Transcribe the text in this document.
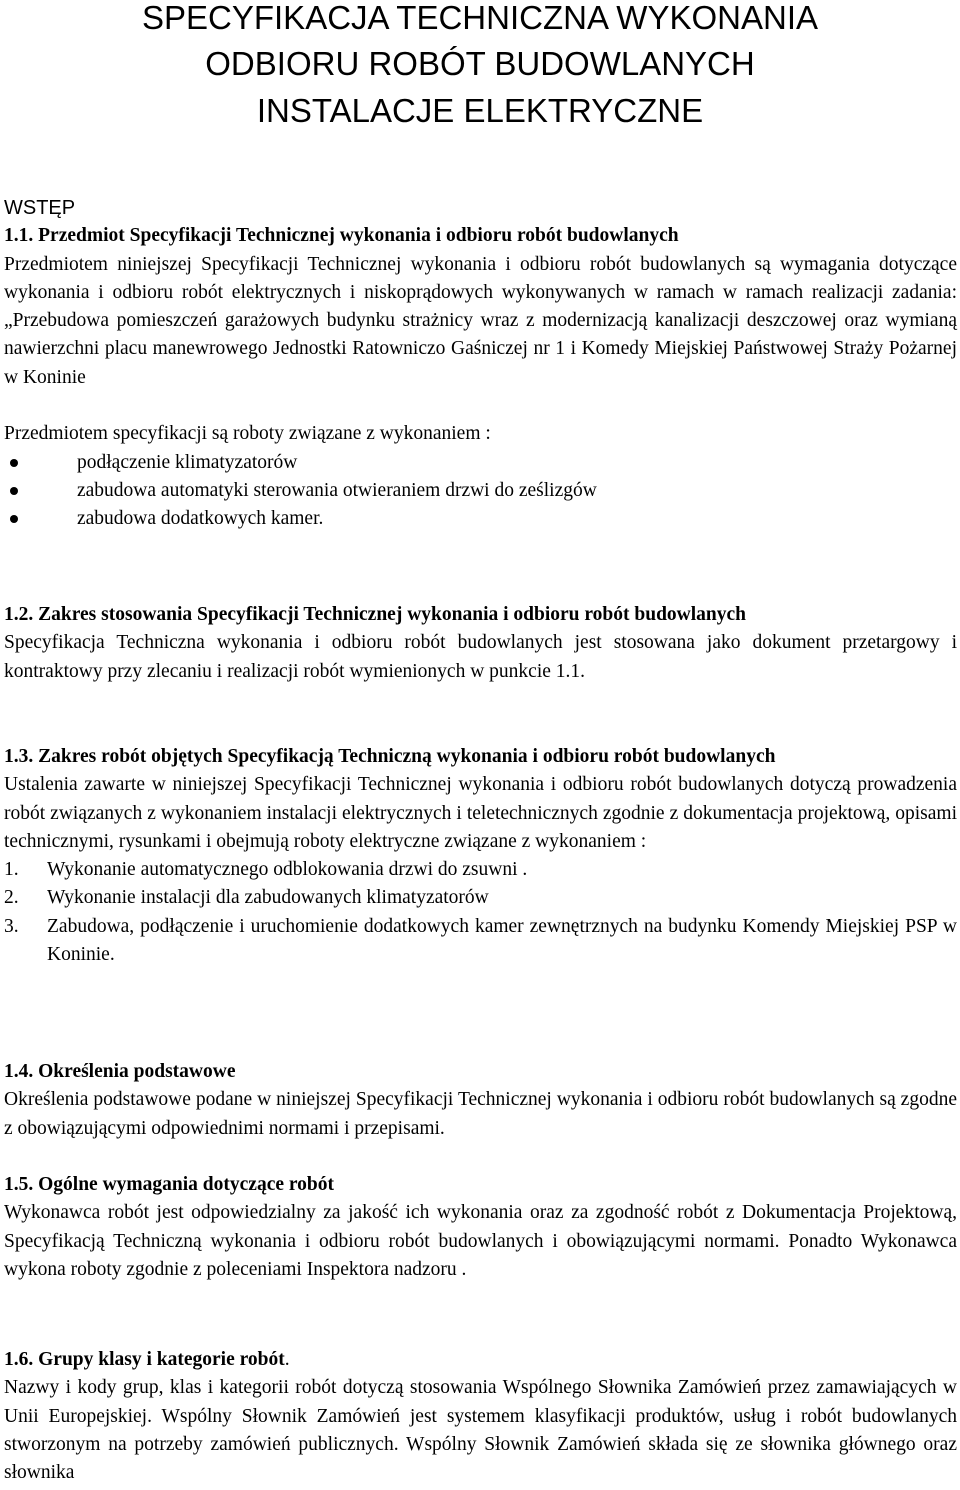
SPECYFIKACJA TECHNICZNA WYKONANIA
ODBIORU ROBÓT BUDOWLANYCH
INSTALACJE ELEKTRYCZNE
WSTĘP
1.1. Przedmiot Specyfikacji Technicznej wykonania i odbioru robót budowlanych
Przedmiotem niniejszej Specyfikacji Technicznej wykonania i odbioru robót budowlanych są wymagania dotyczące wykonania i odbioru robót elektrycznych i niskoprądowych wykonywanych w ramach w ramach realizacji zadania: „Przebudowa pomieszczeń garażowych budynku strażnicy wraz z modernizacją kanalizacji deszczowej oraz wymianą nawierzchni placu manewrowego Jednostki Ratowniczo Gaśniczej nr 1 i Komedy Miejskiej Państwowej Straży Pożarnej w Koninie
Przedmiotem specyfikacji są roboty związane z wykonaniem :
podłączenie klimatyzatorów
zabudowa automatyki sterowania otwieraniem drzwi do ześlizgów
zabudowa dodatkowych kamer.
1.2. Zakres stosowania Specyfikacji Technicznej wykonania i odbioru robót budowlanych
Specyfikacja Techniczna wykonania i odbioru robót budowlanych jest stosowana jako dokument przetargowy i kontraktowy przy zlecaniu i realizacji robót wymienionych w punkcie 1.1.
1.3. Zakres robót objętych Specyfikacją Techniczną wykonania i odbioru robót budowlanych
Ustalenia zawarte w niniejszej Specyfikacji Technicznej wykonania i odbioru robót budowlanych dotyczą prowadzenia robót związanych z wykonaniem instalacji elektrycznych i teletechnicznych zgodnie z dokumentacja projektową, opisami technicznymi, rysunkami i obejmują roboty elektryczne związane z wykonaniem :
1. Wykonanie automatycznego odblokowania drzwi do zsuwni .
2. Wykonanie instalacji dla zabudowanych klimatyzatorów
3. Zabudowa, podłączenie i uruchomienie dodatkowych kamer zewnętrznych na budynku Komendy Miejskiej PSP w Koninie.
1.4. Określenia podstawowe
Określenia podstawowe podane w niniejszej Specyfikacji Technicznej wykonania i odbioru robót budowlanych są zgodne z obowiązującymi odpowiednimi normami i przepisami.
1.5. Ogólne wymagania dotyczące robót
Wykonawca robót jest odpowiedzialny za jakość ich wykonania oraz za zgodność robót z Dokumentacja Projektową, Specyfikacją Techniczną wykonania i odbioru robót budowlanych i obowiązującymi normami. Ponadto Wykonawca wykona roboty zgodnie z poleceniami Inspektora nadzoru .
1.6. Grupy klasy i kategorie robót.
Nazwy i kody grup, klas i kategorii robót dotyczą stosowania Wspólnego Słownika Zamówień przez zamawiających w Unii Europejskiej. Wspólny Słownik Zamówień jest systemem klasyfikacji produktów, usług i robót budowlanych stworzonym na potrzeby zamówień publicznych. Wspólny Słownik Zamówień składa się ze słownika głównego oraz słownika
